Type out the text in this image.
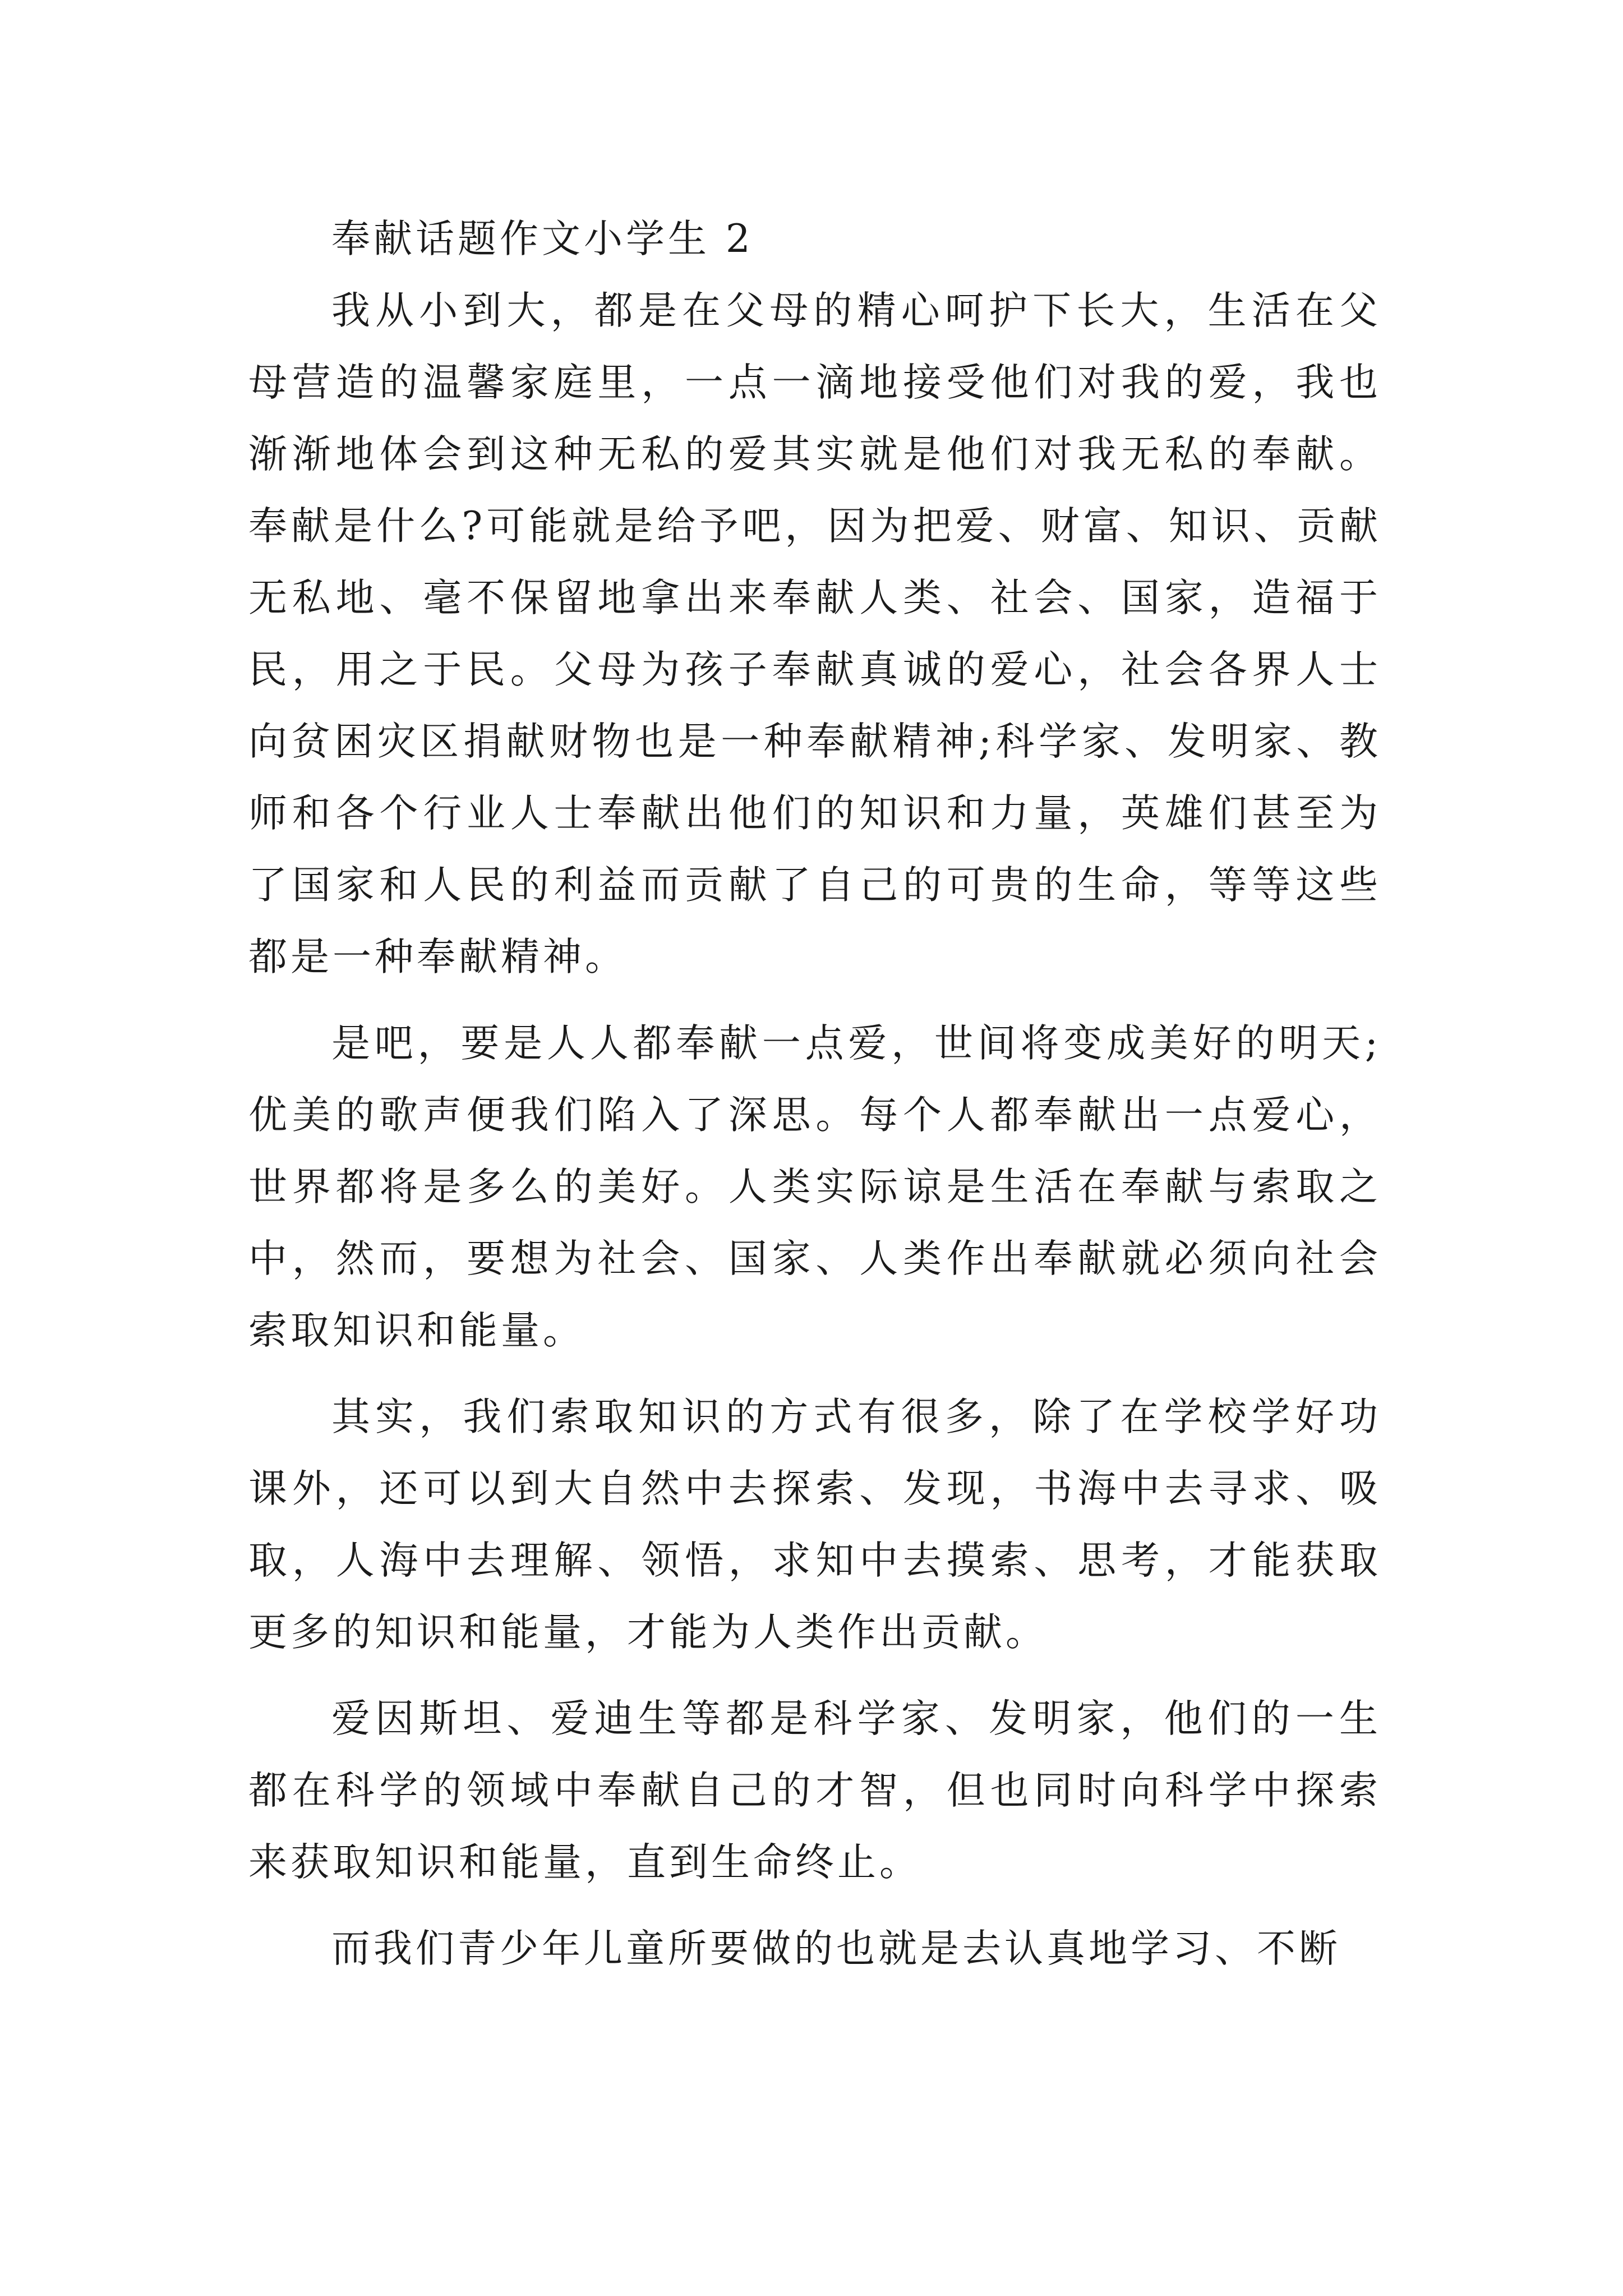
奉献话题作文小学生 2

我从小到大，都是在父母的精心呵护下长大，生活在父母营造的温馨家庭里，一点一滴地接受他们对我的爱，我也渐渐地体会到这种无私的爱其实就是他们对我无私的奉献。奉献是什么?可能就是给予吧，因为把爱、财富、知识、贡献无私地、毫不保留地拿出来奉献人类、社会、国家，造福于民，用之于民。父母为孩子奉献真诚的爱心，社会各界人士向贫困灾区捐献财物也是一种奉献精神;科学家、发明家、教师和各个行业人士奉献出他们的知识和力量，英雄们甚至为了国家和人民的利益而贡献了自己的可贵的生命，等等这些都是一种奉献精神。

是吧，要是人人都奉献一点爱，世间将变成美好的明天;优美的歌声便我们陷入了深思。每个人都奉献出一点爱心，世界都将是多么的美好。人类实际谅是生活在奉献与索取之中，然而，要想为社会、国家、人类作出奉献就必须向社会索取知识和能量。

其实，我们索取知识的方式有很多，除了在学校学好功课外，还可以到大自然中去探索、发现，书海中去寻求、吸取，人海中去理解、领悟，求知中去摸索、思考，才能获取更多的知识和能量，才能为人类作出贡献。

爱因斯坦、爱迪生等都是科学家、发明家，他们的一生都在科学的领域中奉献自己的才智，但也同时向科学中探索来获取知识和能量，直到生命终止。

而我们青少年儿童所要做的也就是去认真地学习、不断
